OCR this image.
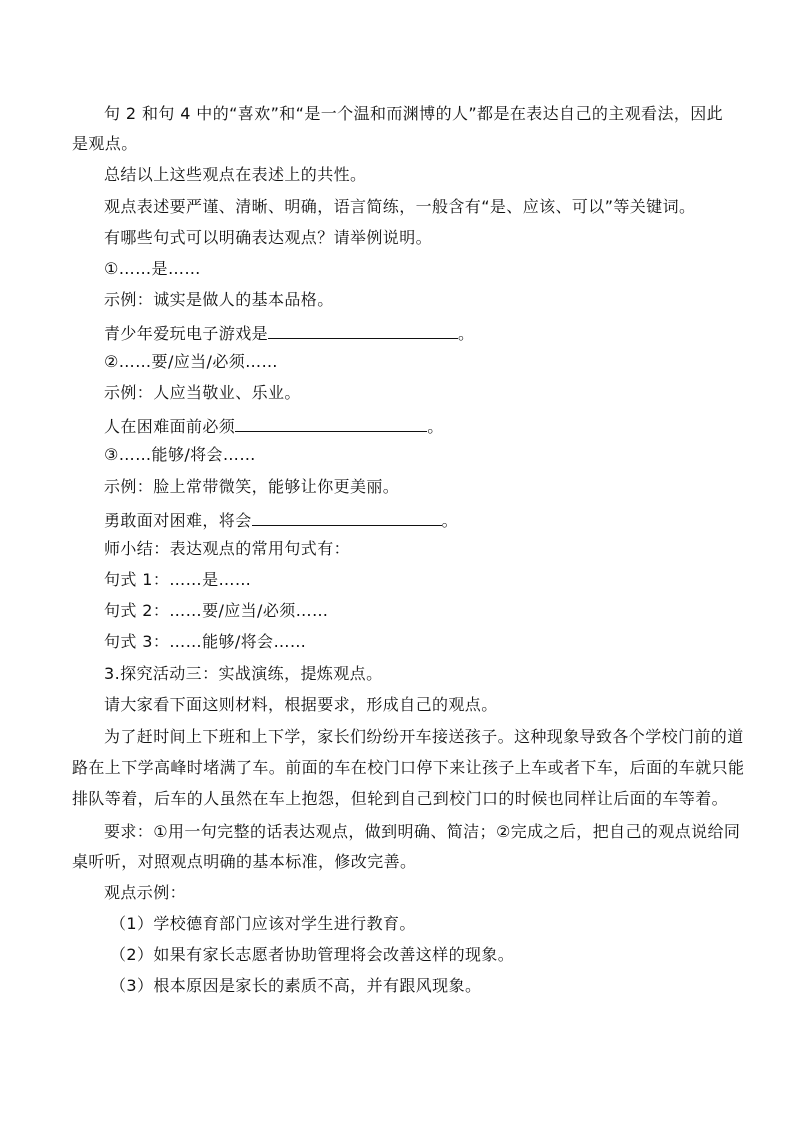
句 2 和句 4 中的“喜欢”和“是一个温和而渊博的人”都是在表达自己的主观看法，因此
是观点。
总结以上这些观点在表述上的共性。
观点表述要严谨、清晰、明确，语言简练，一般含有“是、应该、可以”等关键词。
有哪些句式可以明确表达观点？请举例说明。
①……是……
示例：诚实是做人的基本品格。
青少年爱玩电子游戏是	。
②……要/应当/必须……
示例：人应当敬业、乐业。
人在困难面前必须	。
③……能够/将会……
示例：脸上常带微笑，能够让你更美丽。
勇敢面对困难，将会	。
师小结：表达观点的常用句式有：
句式 1：……是……
句式 2：……要/应当/必须……
句式 3：……能够/将会……
3.探究活动三：实战演练，提炼观点。
请大家看下面这则材料，根据要求，形成自己的观点。
为了赶时间上下班和上下学，家长们纷纷开车接送孩子。这种现象导致各个学校门前的道
路在上下学高峰时堵满了车。前面的车在校门口停下来让孩子上车或者下车，后面的车就只能
排队等着，后车的人虽然在车上抱怨，但轮到自己到校门口的时候也同样让后面的车等着。
要求：①用一句完整的话表达观点，做到明确、简洁；②完成之后，把自己的观点说给同
桌听听，对照观点明确的基本标准，修改完善。
观点示例：
（1）学校德育部门应该对学生进行教育。
（2）如果有家长志愿者协助管理将会改善这样的现象。
（3）根本原因是家长的素质不高，并有跟风现象。
